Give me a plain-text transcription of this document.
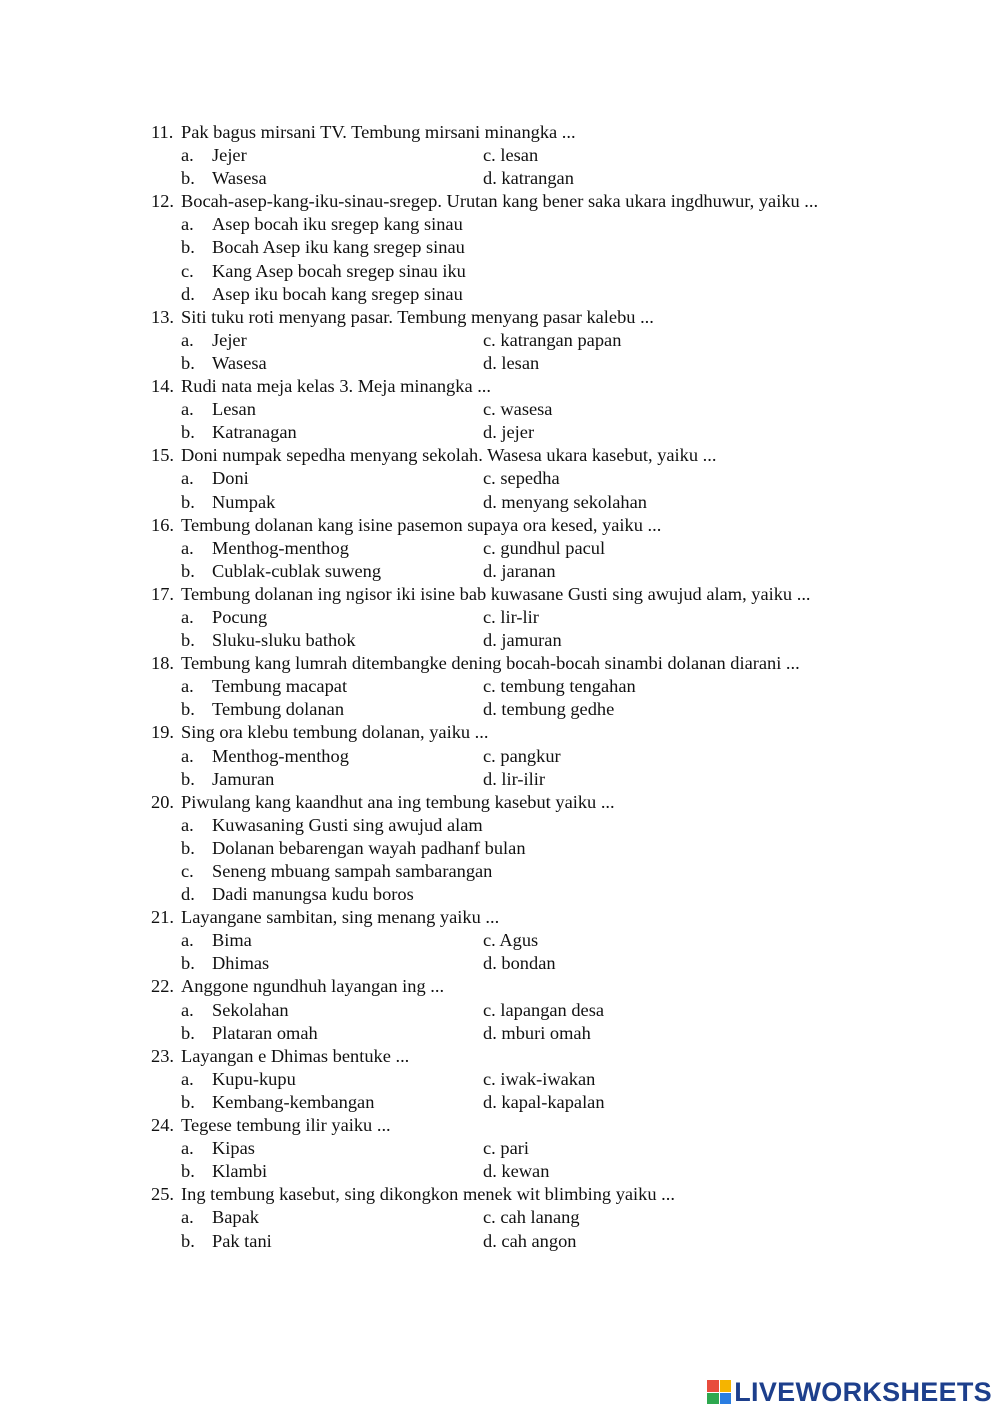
11. Pak bagus mirsani TV. Tembung mirsani minangka ...
a. Jejer	c. lesan
b. Wasesa	d. katrangan
12. Bocah-asep-kang-iku-sinau-sregep. Urutan kang bener saka ukara ingdhuwur, yaiku ...
a. Asep bocah iku sregep kang sinau
b. Bocah Asep iku kang sregep sinau
c. Kang Asep bocah sregep sinau iku
d. Asep iku bocah kang sregep sinau
13. Siti tuku roti menyang pasar. Tembung menyang pasar kalebu ...
a. Jejer	c. katrangan papan
b. Wasesa	d. lesan
14. Rudi nata meja kelas 3. Meja minangka ...
a. Lesan	c. wasesa
b. Katranagan	d. jejer
15. Doni numpak sepedha menyang sekolah. Wasesa ukara kasebut, yaiku ...
a. Doni	c. sepedha
b. Numpak	d. menyang sekolahan
16. Tembung dolanan kang isine pasemon supaya ora kesed, yaiku ...
a. Menthog-menthog	c. gundhul pacul
b. Cublak-cublak suweng	d. jaranan
17. Tembung dolanan ing ngisor iki isine bab kuwasane Gusti sing awujud alam, yaiku ...
a. Pocung	c. lir-lir
b. Sluku-sluku bathok	d. jamuran
18. Tembung kang lumrah ditembangke dening bocah-bocah sinambi dolanan diarani ...
a. Tembung macapat	c. tembung tengahan
b. Tembung dolanan	d. tembung gedhe
19. Sing ora klebu tembung dolanan, yaiku ...
a. Menthog-menthog	c. pangkur
b. Jamuran	d. lir-ilir
20. Piwulang kang kaandhut ana ing tembung kasebut yaiku ...
a. Kuwasaning Gusti sing awujud alam
b. Dolanan bebarengan wayah padhanf bulan
c. Seneng mbuang sampah sambarangan
d. Dadi manungsa kudu boros
21. Layangane sambitan, sing menang yaiku ...
a. Bima	c. Agus
b. Dhimas	d. bondan
22. Anggone ngundhuh layangan ing ...
a. Sekolahan	c. lapangan desa
b. Plataran omah	d. mburi omah
23. Layangan e Dhimas bentuke ...
a. Kupu-kupu	c. iwak-iwakan
b. Kembang-kembangan	d. kapal-kapalan
24. Tegese tembung ilir yaiku ...
a. Kipas	c. pari
b. Klambi	d. kewan
25. Ing tembung kasebut, sing dikongkon menek wit blimbing yaiku ...
a. Bapak	c. cah lanang
b. Pak tani	d. cah angon
LIVEWORKSHEETS
